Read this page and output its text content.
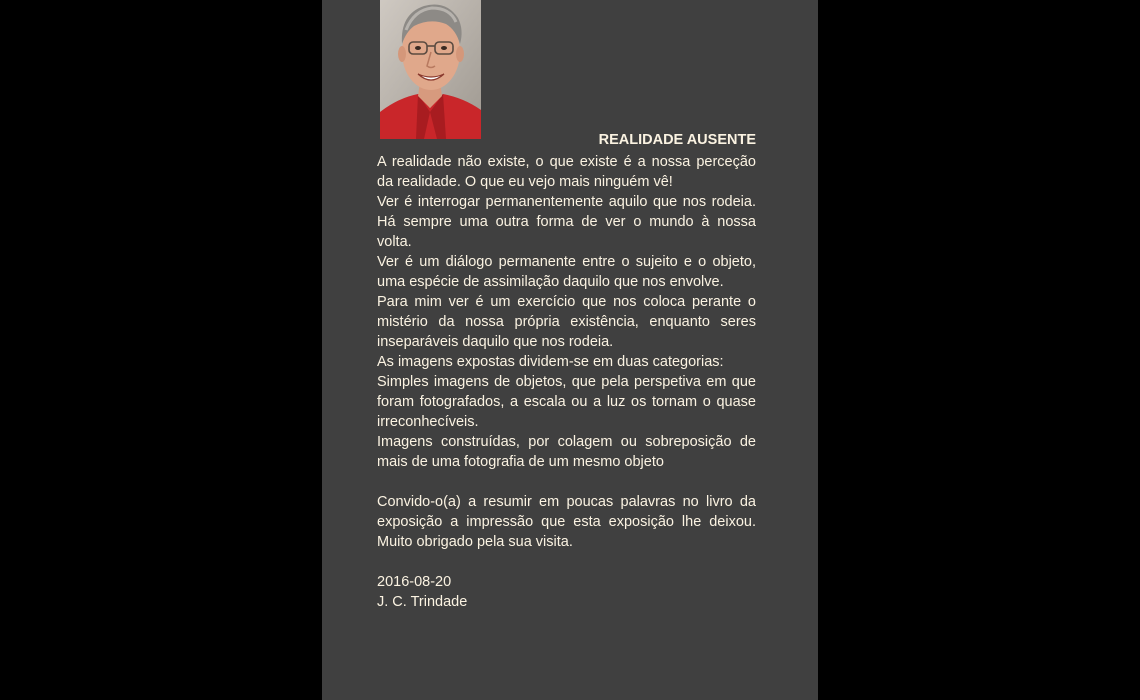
REALIDADE AUSENTE

A realidade não existe, o que existe é a nossa perceção da realidade. O que eu vejo mais ninguém vê!

Ver é interrogar permanentemente aquilo que nos rodeia. Há sempre uma outra forma de ver o mundo à nossa volta.

Ver é um diálogo permanente entre o sujeito e o objeto, uma espécie de assimilação daquilo que nos envolve.

Para mim ver é um exercício que nos coloca perante o mistério da nossa própria existência, enquanto seres inseparáveis daquilo que nos rodeia.

As imagens expostas dividem-se em duas categorias:

Simples imagens de objetos, que pela perspetiva em que foram fotografados, a escala ou a luz os tornam o quase irreconhecíveis.

Imagens construídas, por colagem ou sobreposição de mais de uma fotografia de um mesmo objeto

Convido-o(a) a resumir em poucas palavras no livro da exposição a impressão que esta exposição lhe deixou. Muito obrigado pela sua visita.

2016-08-20

J. C. Trindade
